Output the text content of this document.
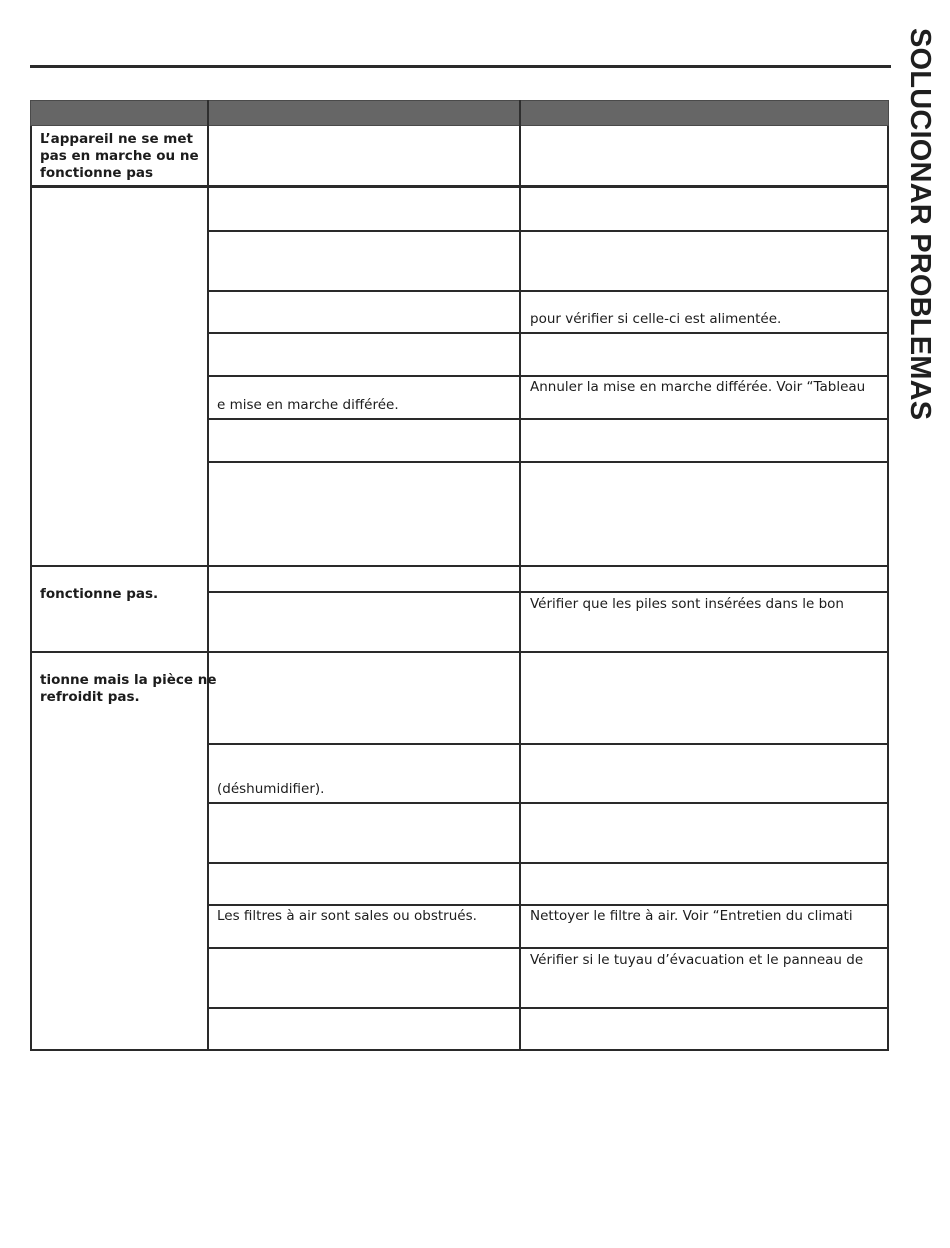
SOLUCIONAR PROBLEMAS
L’appareil ne se met
pas en marche ou ne
fonctionne pas
fonctionne pas.
tionne mais la pièce ne
refroidit pas.
e mise en marche différée.
(déshumidifier).
Les filtres à air sont sales ou obstrués.
pour vérifier si celle-ci est alimentée.
Annuler la mise en marche différée. Voir “Tableau
Vérifier que les piles sont insérées dans le bon
Nettoyer le filtre à air. Voir “Entretien du climati
Vérifier si le tuyau d’évacuation et le panneau de
